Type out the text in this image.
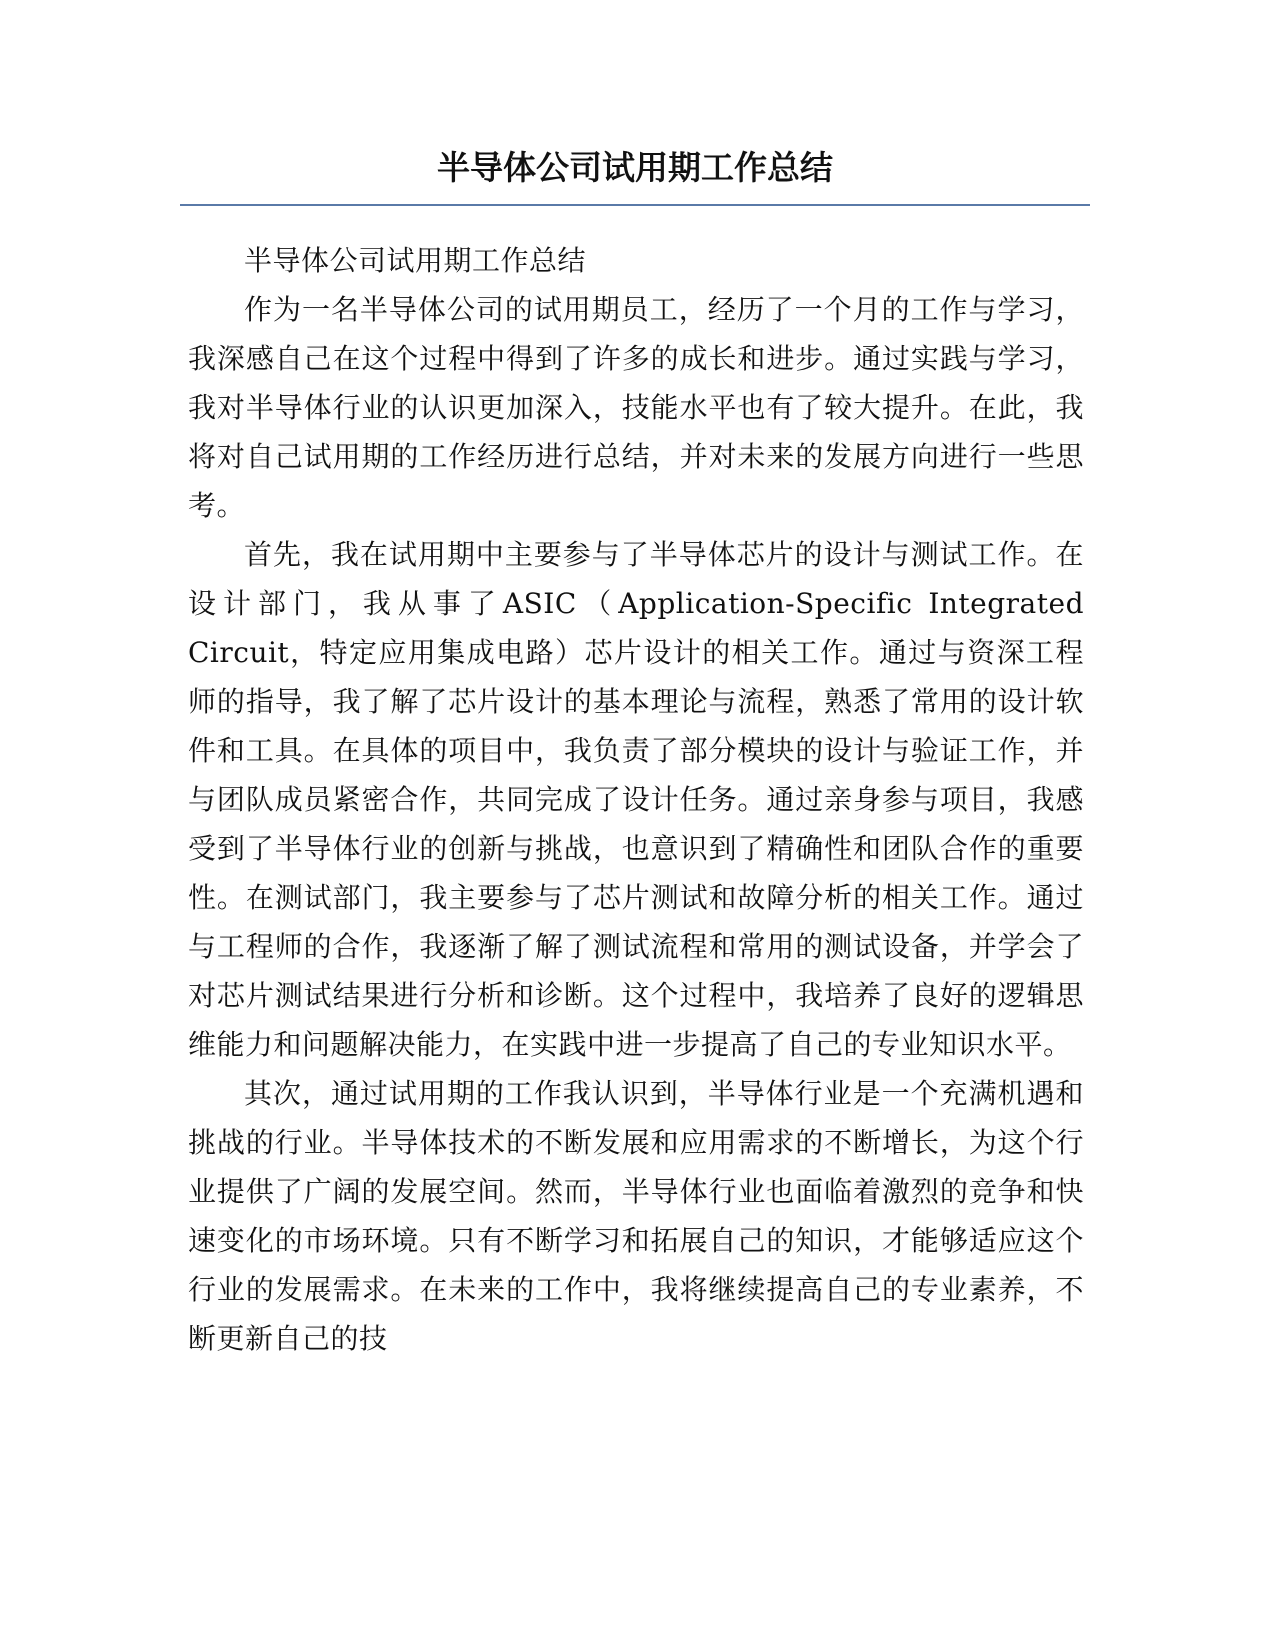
半导体公司试用期工作总结

半导体公司试用期工作总结

作为一名半导体公司的试用期员工，经历了一个月的工作与学习，我深感自己在这个过程中得到了许多的成长和进步。通过实践与学习，我对半导体行业的认识更加深入，技能水平也有了较大提升。在此，我将对自己试用期的工作经历进行总结，并对未来的发展方向进行一些思考。

首先，我在试用期中主要参与了半导体芯片的设计与测试工作。在设计部门，我从事了ASIC（Application-Specific Integrated Circuit，特定应用集成电路）芯片设计的相关工作。通过与资深工程师的指导，我了解了芯片设计的基本理论与流程，熟悉了常用的设计软件和工具。在具体的项目中，我负责了部分模块的设计与验证工作，并与团队成员紧密合作，共同完成了设计任务。通过亲身参与项目，我感受到了半导体行业的创新与挑战，也意识到了精确性和团队合作的重要性。在测试部门，我主要参与了芯片测试和故障分析的相关工作。通过与工程师的合作，我逐渐了解了测试流程和常用的测试设备，并学会了对芯片测试结果进行分析和诊断。这个过程中，我培养了良好的逻辑思维能力和问题解决能力，在实践中进一步提高了自己的专业知识水平。

其次，通过试用期的工作我认识到，半导体行业是一个充满机遇和挑战的行业。半导体技术的不断发展和应用需求的不断增长，为这个行业提供了广阔的发展空间。然而，半导体行业也面临着激烈的竞争和快速变化的市场环境。只有不断学习和拓展自己的知识，才能够适应这个行业的发展需求。在未来的工作中，我将继续提高自己的专业素养，不断更新自己的技
